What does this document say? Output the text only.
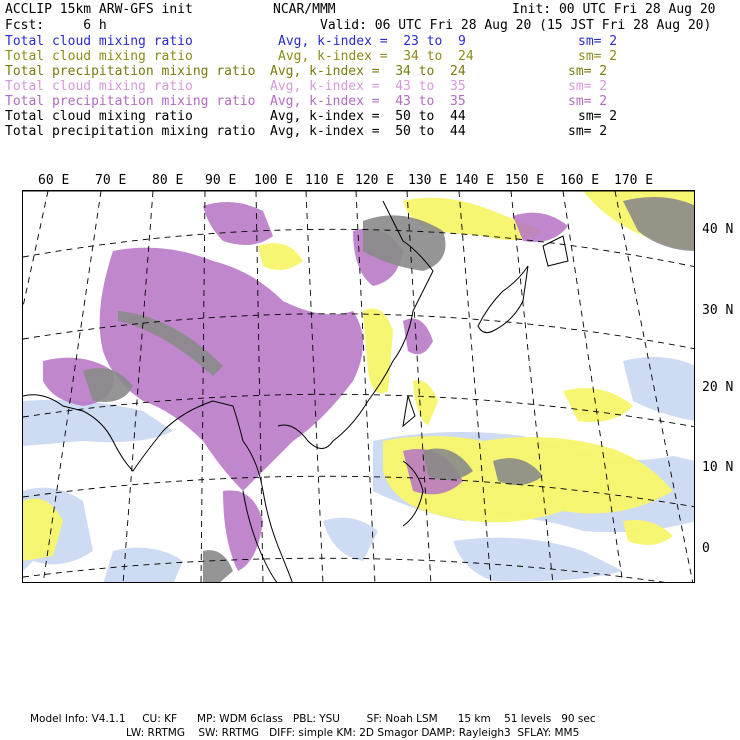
ACCLIP 15km ARW-GFS init	NCAR/MMM	Init: 00 UTC Fri 28 Aug 20
Fcst:     6 h	Valid: 06 UTC Fri 28 Aug 20 (15 JST Fri 28 Aug 20)
Total cloud mixing ratio	Avg, k-index =  23 to  9	sm= 2
Total cloud mixing ratio	Avg, k-index =  34 to  24	sm= 2
Total precipitation mixing ratio Avg, k-index =  34 to  24	sm= 2
Total cloud mixing ratio	Avg, k-index =  43 to  35	sm= 2
Total precipitation mixing ratio Avg, k-index =  43 to  35	sm= 2
Total cloud mixing ratio	Avg, k-index =  50 to  44	sm= 2
Total precipitation mixing ratio Avg, k-index =  50 to  44	sm= 2
60 E 70 E 80 E 90 E 100 E 110 E 120 E 130 E 140 E 150 E 160 E 170 E
40 N
30 N
20 N
10 N
0
Model Info: V4.1.1     CU: KF      MP: WDM 6class   PBL: YSU        SF: Noah LSM      15 km    51 levels   90 sec
LW: RRTMG    SW: RRTMG   DIFF: simple KM: 2D Smagor DAMP: Rayleigh3  SFLAY: MM5
